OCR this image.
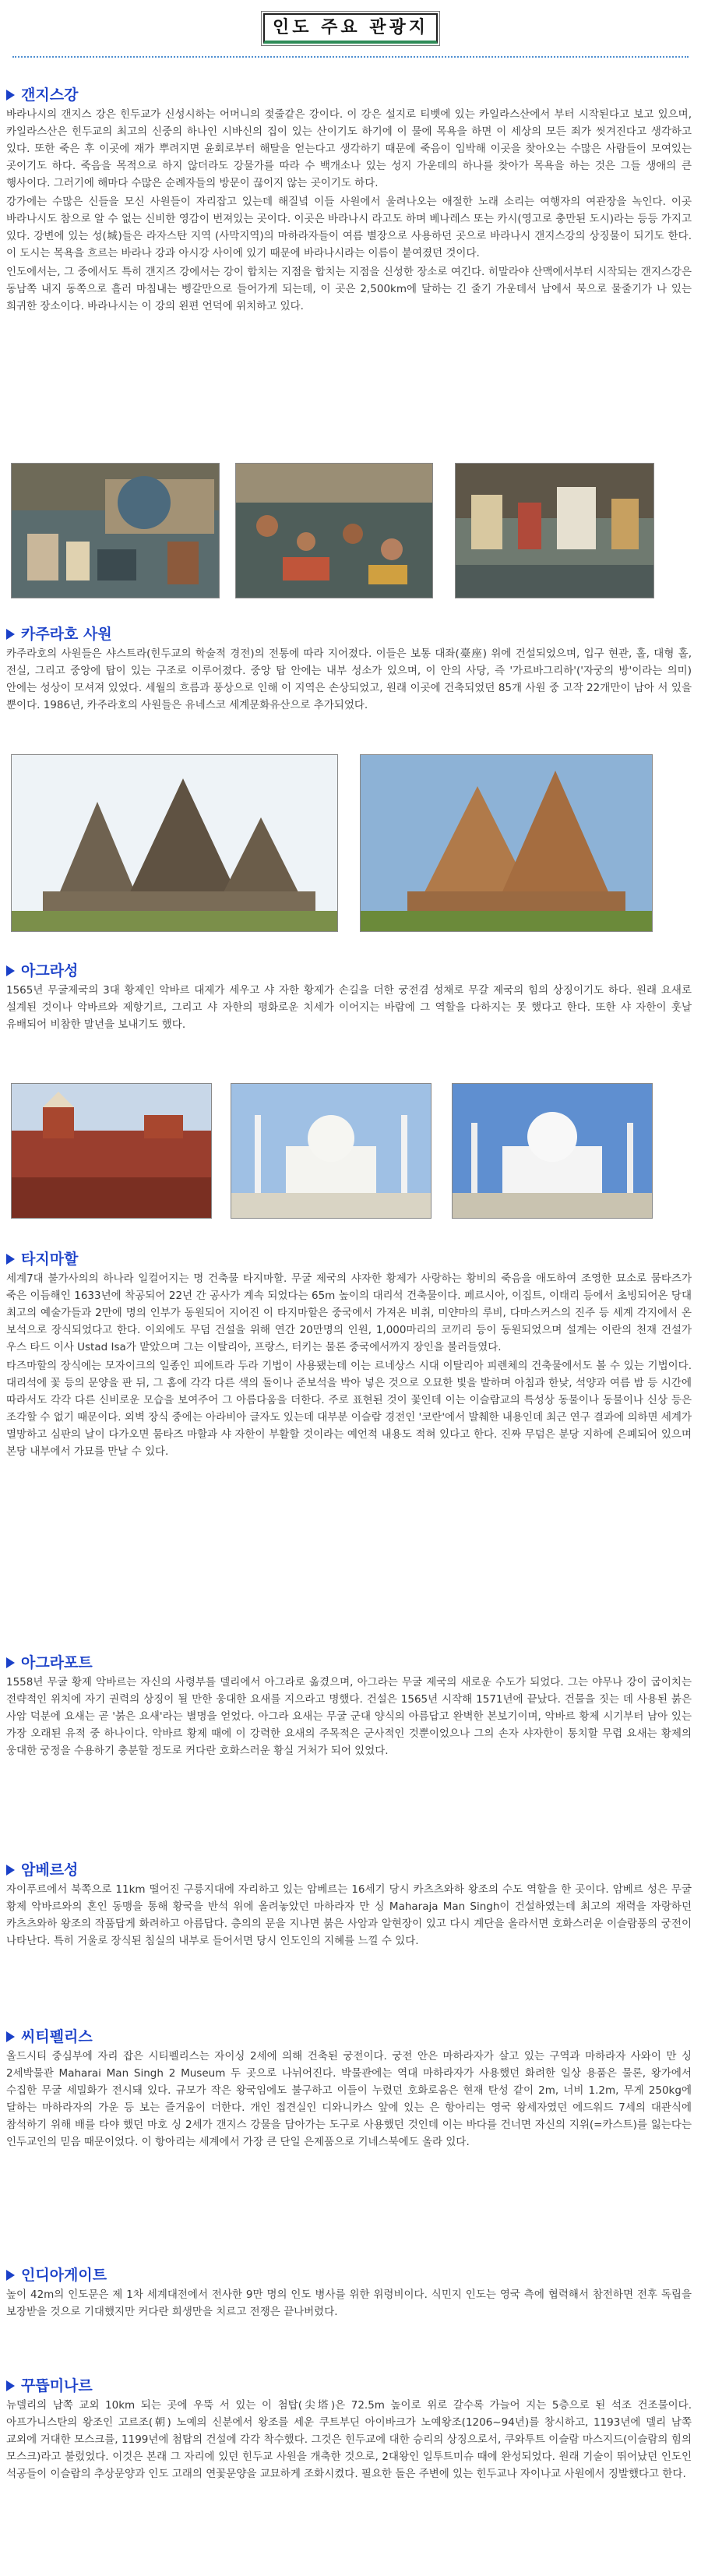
인도 주요 관광지
갠지스강

바라나시의 갠지스 강은 힌두교가 신성시하는 어머니의 젖줄같은 강이다. 이 강은 설지로 티벳에 있는 카일라스산에서 부터 시작된다고 보고 있으며, 카일라스산은 힌두교의 최고의 신중의 하나인 시바신의 집이 있는 산이기도 하기에 이 물에 목욕을 하면 이 세상의 모든 죄가 씻겨진다고 생각하고 있다. 또한 죽은 후 이곳에 재가 뿌려지면 윤회로부터 해탈을 얻는다고 생각하기 때문에 죽음이 임박해 이곳을 찾아오는 수많은 사람들이 모여있는 곳이기도 하다. 죽음을 목적으로 하지 않더라도 강물가를 따라 수 백개소나 있는 성지 가운데의 하나를 찾아가 목욕을 하는 것은 그들 생애의 큰 행사이다. 그러기에 해마다 수많은 순례자들의 방문이 끊이지 않는 곳이기도 하다.

강가에는 수많은 신들을 모신 사원들이 자리잡고 있는데 해질녘 이들 사원에서 울려나오는 애절한 노래 소리는 여행자의 여관장을 녹인다. 이곳 바라나시도 참으로 알 수 없는 신비한 영감이 번져있는 곳이다. 이곳은 바라나시 라고도 하며 베나레스 또는 카시(영고로 충만된 도시)라는 등등 가지고 있다. 강변에 있는 성(城)들은 라자스탄 지역 (사막지역)의 마하라자들이 여름 별장으로 사용하던 곳으로 바라나시 갠지스강의 상징물이 되기도 한다. 이 도시는 목욕을 흐르는 바라나 강과 아시강 사이에 있기 때문에 바라나시라는 이름이 붙여졌던 것이다.

인도에서는, 그 중에서도 특히 갠지즈 강에서는 강이 합치는 지점을 합치는 지점을 신성한 장소로 여긴다. 히말라야 산맥에서부터 시작되는 갠지스강은 동남쪽 내지 동쪽으로 흘러 마침내는 벵갈만으로 들어가게 되는데, 이 곳은 2,500km에 달하는 긴 줄기 가운데서 남에서 북으로 물줄기가 나 있는 희귀한 장소이다. 바라나시는 이 강의 왼편 언덕에 위치하고 있다.

카주라호 사원

카주라호의 사원들은 샤스트라(힌두교의 학술적 경전)의 전통에 따라 지어졌다. 이들은 보통 대좌(臺座) 위에 건설되었으며, 입구 현관, 홀, 대형 홀, 전실, 그리고 중앙에 탑이 있는 구조로 이루어졌다. 중앙 탑 안에는 내부 성소가 있으며, 이 안의 사당, 즉 '가르바그리하'('자궁의 방'이라는 의미) 안에는 성상이 모셔져 있었다. 세월의 흐름과 풍상으로 인해 이 지역은 손상되었고, 원래 이곳에 건축되었던 85개 사원 중 고작 22개만이 남아 서 있을 뿐이다. 1986년, 카주라호의 사원들은 유네스코 세계문화유산으로 추가되었다.

아그라성

1565년 무굴제국의 3대 황제인 악바르 대제가 세우고 샤 자한 황제가 손길을 더한 궁전겸 성채로 무갈 제국의 힘의 상징이기도 하다. 원래 요새로 설계된 것이나 악바르와 제항기르, 그리고 샤 자한의 평화로운 치세가 이어지는 바람에 그 역할을 다하지는 못 했다고 한다. 또한 샤 자한이 훗날 유배되어 비참한 말년을 보내기도 했다.

타지마할

세계7대 불가사의의 하나라 일컬어지는 명 건축물 타지마할. 무굴 제국의 샤자한 황제가 사랑하는 황비의 죽음을 애도하여 조영한 묘소로 뭄타즈가 죽은 이듬해인 1633년에 착공되어 22년 간 공사가 계속 되었다는 65m 높이의 대리석 건축물이다. 페르시아, 이집트, 이태리 등에서 초빙되어온 당대 최고의 예술가들과 2만에 명의 인부가 동원되어 지어진 이 타지마할은 중국에서 가져온 비취, 미얀마의 루비, 다마스커스의 진주 등 세계 각지에서 온 보석으로 장식되었다고 한다. 이외에도 무덤 건설을 위해 연간 20만명의 인원, 1,000마리의 코끼리 등이 동원되었으며 설계는 이란의 천재 건설가 우스 타드 이사 Ustad Isa가 맡았으며 그는 이탈리아, 프랑스, 터키는 물론 중국에서까지 장인을 불러들였다.

타즈마할의 장식에는 모자이크의 일종인 피에트라 두라 기법이 사용됐는데 이는 르네상스 시대 이탈리아 피렌체의 건축물에서도 볼 수 있는 기법이다. 대리석에 꽃 등의 문양을 판 뒤, 그 홈에 각각 다른 색의 돌이나 준보석을 박아 넣은 것으로 오묘한 빛을 발하며 아침과 한낮, 석양과 여름 밤 등 시간에 따라서도 각각 다른 신비로운 모습을 보여주어 그 아름다움을 더한다. 주로 표현된 것이 꽃인데 이는 이슬람교의 특성상 동물이나 동물이나 신상 등은 조각할 수 없기 때문이다. 외벽 장식 중에는 아라비아 글자도 있는데 대부분 이슬람 경전인 '코란'에서 발췌한 내용인데 최근 연구 결과에 의하면 세계가 멸망하고 심판의 날이 다가오면 뭄타즈 마할과 샤 자한이 부활할 것이라는 예언적 내용도 적혀 있다고 한다. 진짜 무덤은 분당 지하에 은폐되어 있으며 본당 내부에서 가묘를 만날 수 있다.

아그라포트

1558년 무굴 황제 악바르는 자신의 사령부를 델리에서 아그라로 옮겼으며, 아그라는 무굴 제국의 새로운 수도가 되었다. 그는 야무나 강이 굽이치는 전략적인 위치에 자기 권력의 상징이 될 만한 웅대한 요새를 지으라고 명했다. 건설은 1565년 시작해 1571년에 끝났다. 건물을 짓는 데 사용된 붉은 사암 덕분에 요새는 곧 '붉은 요새'라는 별명을 얻었다. 아그라 요새는 무굴 군대 양식의 아름답고 완벽한 본보기이며, 악바르 황제 시기부터 남아 있는 가장 오래된 유적 중 하나이다. 악바르 황제 때에 이 강력한 요새의 주목적은 군사적인 것뿐이었으나 그의 손자 샤자한이 통치할 무렵 요새는 황제의 웅대한 궁정을 수용하기 충분할 정도로 커다란 호화스러운 황실 거처가 되어 있었다.

암베르성

자이푸르에서 북쪽으로 11km 떨어진 구릉지대에 자리하고 있는 암베르는 16세기 당시 카츠츠와하 왕조의 수도 역할을 한 곳이다. 암베르 성은 무굴 황제 악바르와의 혼인 동맹을 통해 황국을 반석 위에 올려놓았던 마하라자 만 싱 Maharaja Man Singh이 건설하였는데 최고의 재력을 자랑하던 카츠츠와하 왕조의 작품답게 화려하고 아름답다. 층의의 문을 지나면 붉은 사암과 알현장이 있고 다시 계단을 올라서면 호화스러운 이슬람풍의 궁전이 나타난다. 특히 거울로 장식된 침실의 내부로 들어서면 당시 인도인의 지혜를 느낄 수 있다.

씨티펠리스

올드시티 중심부에 자리 잡은 시티펠리스는 자이싱 2세에 의해 건축된 궁전이다. 궁전 안은 마하라자가 살고 있는 구역과 마하라자 사와이 만 싱 2세박물관 Maharai Man Singh 2 Museum 두 곳으로 나뉘어진다. 박물관에는 역대 마하라자가 사용했던 화려한 일상 용품은 물론, 왕가에서 수집한 무굴 세밀화가 전시돼 있다. 규모가 작은 왕국임에도 불구하고 이들이 누렸던 호화로움은 현재 탄성 같이 2m, 너비 1.2m, 무게 250kg에 달하는 마하라자의 가운 등 보는 즐거움이 더한다. 개인 접견실인 디와니카스 앞에 있는 은 항아리는 영국 왕세자였던 에드워드 7세의 대관식에 참석하기 위해 배를 타야 했던 마호 싱 2세가 갠지스 강물을 담아가는 도구로 사용했던 것인데 이는 바다를 건너면 자신의 지위(=카스트)를 잃는다는 인두교인의 믿음 때문이었다. 이 항아리는 세계에서 가장 큰 단일 은제품으로 기네스북에도 올라 있다.

인디아게이트

높이 42m의 인도문은 제 1차 세계대전에서 전사한 9만 명의 인도 병사를 위한 위령비이다. 식민지 인도는 영국 측에 협력해서 참전하면 전후 독립을 보장받을 것으로 기대했지만 커다란 희생만을 치르고 전쟁은 끝나버렸다.

꾸뜹미나르

뉴델리의 남쪽 교외 10km 되는 곳에 우뚝 서 있는 이 첨탑(尖塔)은 72.5m 높이로 위로 갈수록 가늘어 지는 5층으로 된 석조 건조물이다. 아프가니스탄의 왕조인 고르조(朝) 노예의 신분에서 왕조를 세운 쿠트부딘 아이바크가 노예왕조(1206~94년)를 창시하고, 1193년에 델리 남쪽 교외에 거대한 모스크를, 1199년에 첨탑의 건설에 각각 착수했다. 그것은 힌두교에 대한 승리의 상징으로서, 쿠와투트 이슬람 마스지드(이슬람의 힘의 모스크)라고 불렀었다. 이것은 본래 그 자리에 있던 힌두교 사원을 개축한 것으로, 2대왕인 일투트미슈 때에 완성되었다. 원래 기술이 뛰어났던 인도인 석공들이 이슬람의 추상문양과 인도 고래의 연꽃문양을 교묘하게 조화시켰다. 필요한 돌은 주변에 있는 힌두교나 자이나교 사원에서 징발했다고 한다.
